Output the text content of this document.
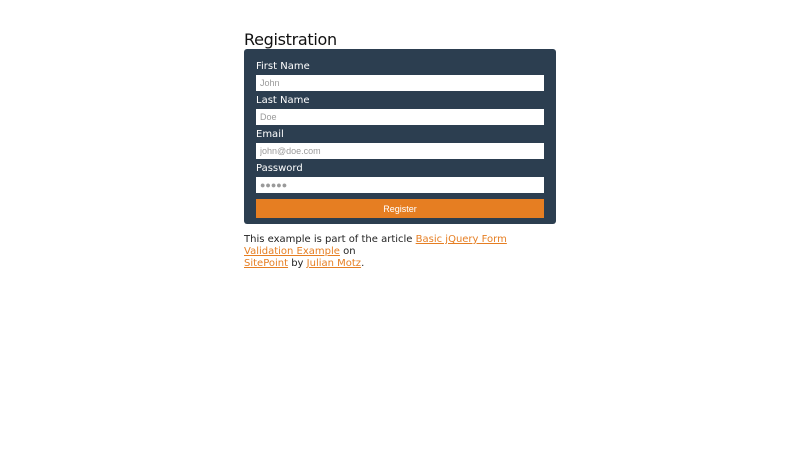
Registration
First Name
John
Last Name
Doe
Email
john@doe.com
Password
Register
This example is part of the article Basic jQuery Form Validation Example on
SitePoint by Julian Motz.
